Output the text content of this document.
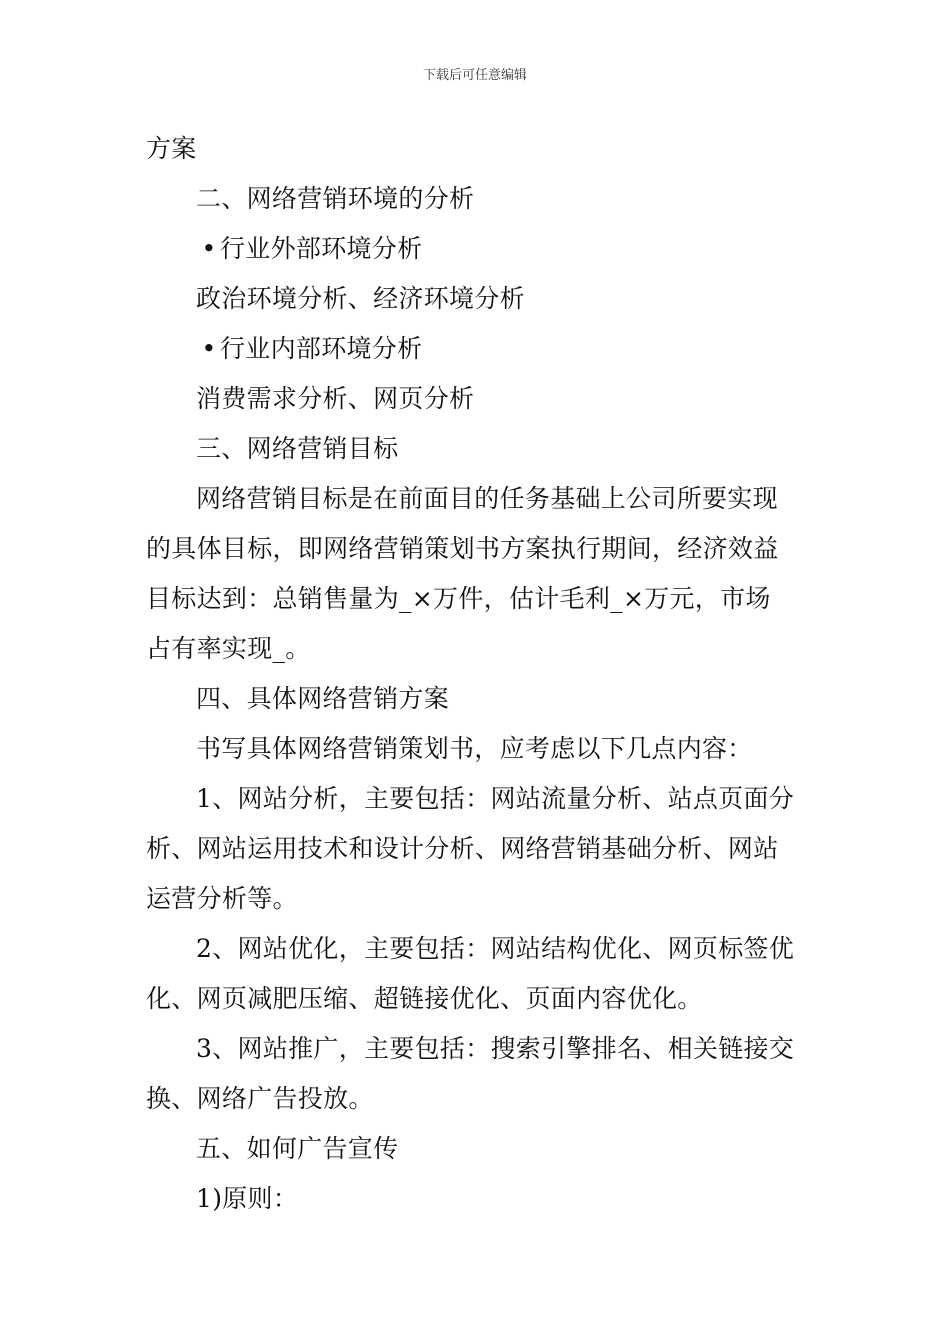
下载后可任意编辑
方案
二、网络营销环境的分析
• 行业外部环境分析
政治环境分析、经济环境分析
• 行业内部环境分析
消费需求分析、网页分析
三、网络营销目标
网络营销目标是在前面目的任务基础上公司所要实现
的具体目标，即网络营销策划书方案执行期间，经济效益
目标达到：总销售量为_×万件，估计毛利_×万元，市场
占有率实现_。
四、具体网络营销方案
书写具体网络营销策划书，应考虑以下几点内容：
1、网站分析，主要包括：网站流量分析、站点页面分
析、网站运用技术和设计分析、网络营销基础分析、网站
运营分析等。
2、网站优化，主要包括：网站结构优化、网页标签优
化、网页减肥压缩、超链接优化、页面内容优化。
3、网站推广，主要包括：搜索引擎排名、相关链接交
换、网络广告投放。
五、如何广告宣传
1)原则：
